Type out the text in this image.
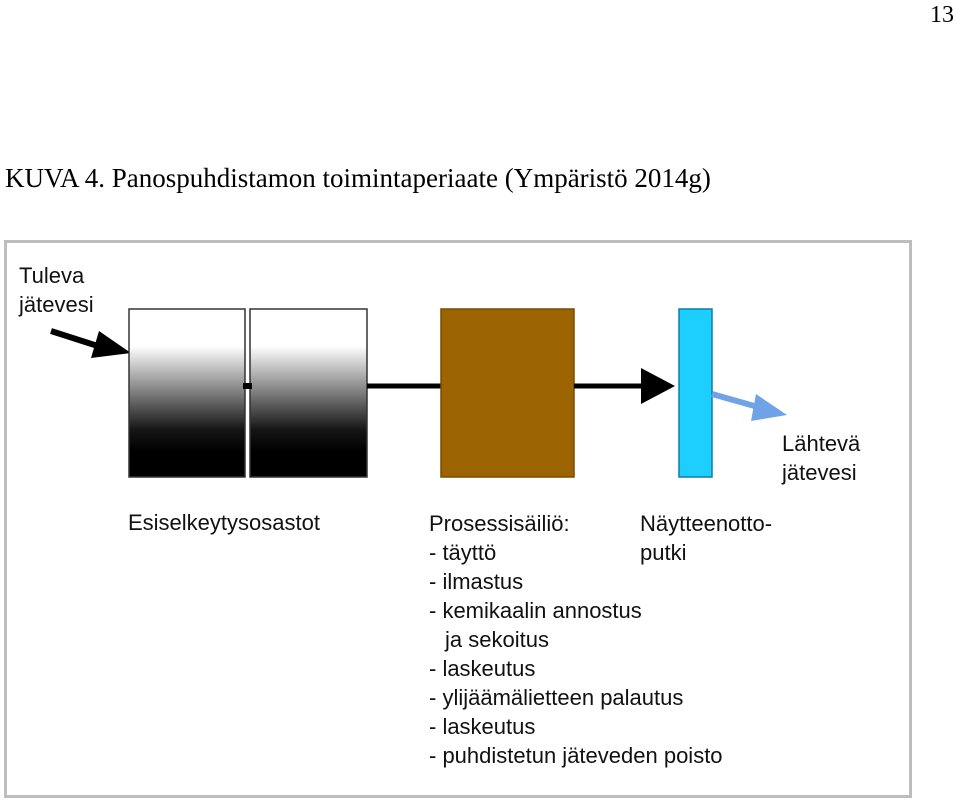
13
KUVA 4. Panospuhdistamon toimintaperiaate (Ympäristö 2014g)
Tuleva
jätevesi
Lähtevä
jätevesi
Esiselkeytysosastot	Prosessisäiliö:
- täyttö
- ilmastus
- kemikaalin annostus
ja sekoitus
- laskeutus
- ylijäämälietteen palautus
- laskeutus
- puhdistetun jäteveden poisto
Näytteenotto-
putki
